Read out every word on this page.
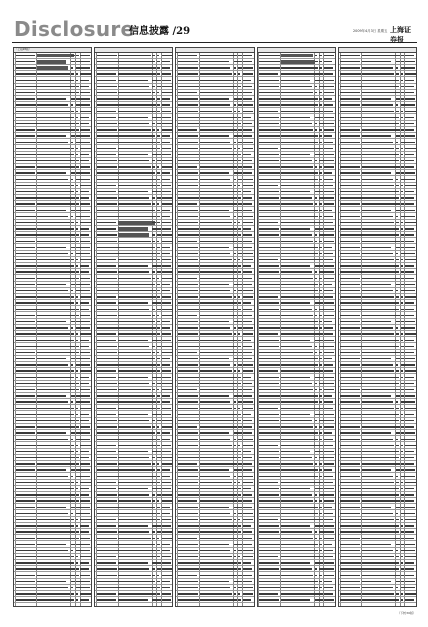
Disclosure
信息披露 /29	2009年4月3日 星期五 上海证券报
（上接28版）
（下转30版）
